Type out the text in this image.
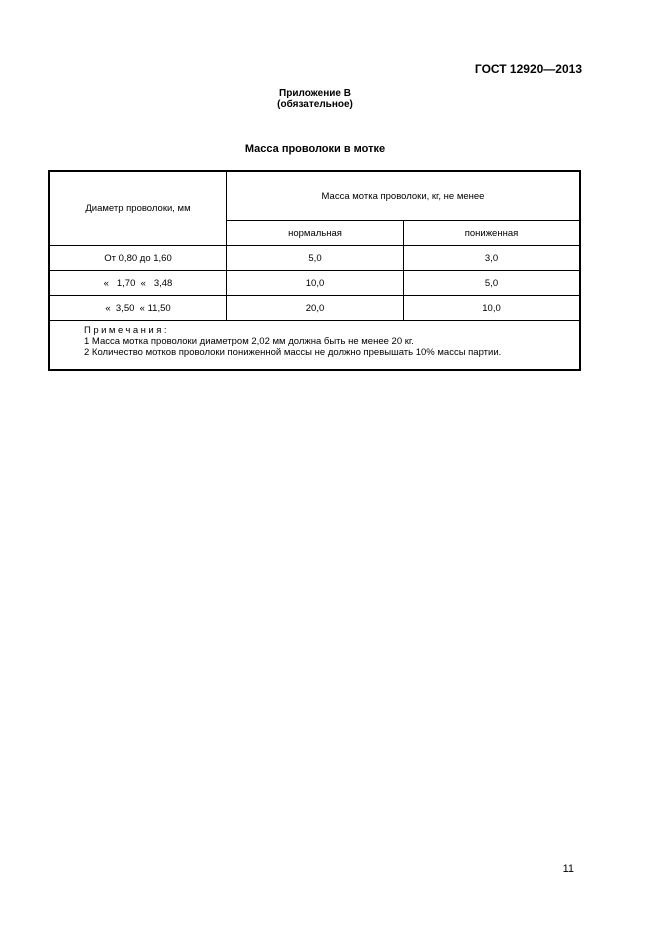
ГОСТ 12920—2013
Приложение В
(обязательное)
Масса проволоки в мотке
Диаметр проволоки, мм	Масса мотка проволоки, кг, не менее	
	нормальная	пониженная
От 0,80 до 1,60	5,0	3,0
«   1,70  «   3,48	10,0	5,0
«  3,50  « 11,50	20,0	10,0

Примечания:
1 Масса мотка проволоки диаметром 2,02 мм должна быть не менее 20 кг.
2 Количество мотков проволоки пониженной массы не должно превышать 10% массы партии.		
11
